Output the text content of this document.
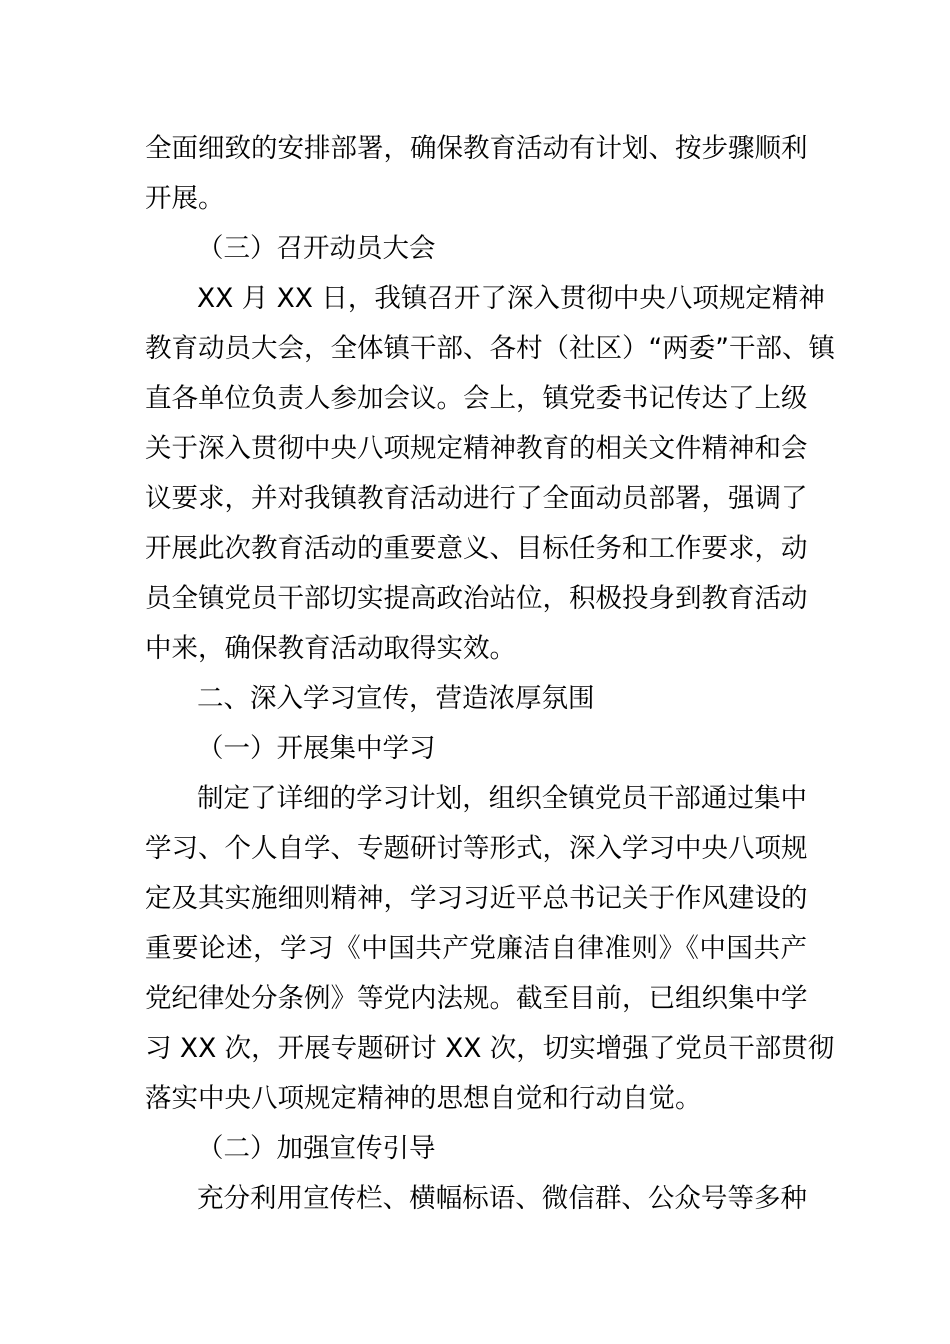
全面细致的安排部署，确保教育活动有计划、按步骤顺利
开展。
（三）召开动员大会
XX 月 XX 日，我镇召开了深入贯彻中央八项规定精神
教育动员大会，全体镇干部、各村（社区）“两委”干部、镇
直各单位负责人参加会议。会上，镇党委书记传达了上级
关于深入贯彻中央八项规定精神教育的相关文件精神和会
议要求，并对我镇教育活动进行了全面动员部署，强调了
开展此次教育活动的重要意义、目标任务和工作要求，动
员全镇党员干部切实提高政治站位，积极投身到教育活动
中来，确保教育活动取得实效。
二、深入学习宣传，营造浓厚氛围
（一）开展集中学习
制定了详细的学习计划，组织全镇党员干部通过集中
学习、个人自学、专题研讨等形式，深入学习中央八项规
定及其实施细则精神，学习习近平总书记关于作风建设的
重要论述，学习《中国共产党廉洁自律准则》《中国共产
党纪律处分条例》等党内法规。截至目前，已组织集中学
习 XX 次，开展专题研讨 XX 次，切实增强了党员干部贯彻
落实中央八项规定精神的思想自觉和行动自觉。
（二）加强宣传引导
充分利用宣传栏、横幅标语、微信群、公众号等多种
